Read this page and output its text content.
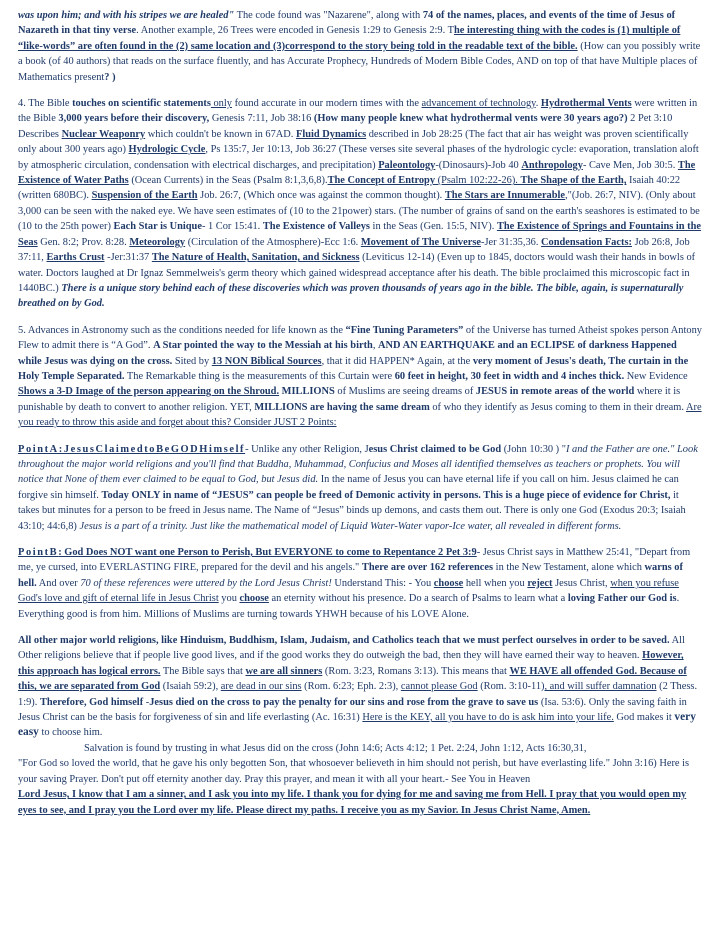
was upon him; and with his stripes we are healed" The code found was "Nazarene", along with 74 of the names, places, and events of the time of Jesus of Nazareth in that tiny verse. Another example, 26 Trees were encoded in Genesis 1:29 to Genesis 2:9. The interesting thing with the codes is (1) multiple of “like-words” are often found in the (2) same location and (3)correspond to the story being told in the readable text of the bible. (How can you possibly write a book (of 40 authors) that reads on the surface fluently, and has Accurate Prophecy, Hundreds of Modern Bible Codes, AND on top of that have Multiple places of Mathematics present? )

4. The Bible touches on scientific statements only found accurate in our modern times with the advancement of technology. Hydrothermal Vents were written in the Bible 3,000 years before their discovery, Genesis 7:11, Job 38:16 (How many people knew what hydrothermal vents were 30 years ago?) 2 Pet 3:10 Describes Nuclear Weaponry which couldn't be known in 67AD. Fluid Dynamics described in Job 28:25 (The fact that air has weight was proven scientifically only about 300 years ago) Hydrologic Cycle, Ps 135:7, Jer 10:13, Job 36:27 (These verses site several phases of the hydrologic cycle: evaporation, translation aloft by atmospheric circulation, condensation with electrical discharges, and precipitation) Paleontology-(Dinosaurs)-Job 40 Anthropology- Cave Men, Job 30:5. The Existence of Water Paths (Ocean Currents) in the Seas (Psalm 8:1,3,6,8).The Concept of Entropy (Psalm 102:22-26). The Shape of the Earth, Isaiah 40:22 (written 680BC). Suspension of the Earth Job. 26:7, (Which once was against the common thought). The Stars are Innumerable,"(Job. 26:7, NIV). (Only about 3,000 can be seen with the naked eye. We have seen estimates of (10 to the 21power) stars. (The number of grains of sand on the earth's seashores is estimated to be (10 to the 25th power) Each Star is Unique- 1 Cor 15:41. The Existence of Valleys in the Seas (Gen. 15:5, NIV). The Existence of Springs and Fountains in the Seas Gen. 8:2; Prov. 8:28. Meteorology (Circulation of the Atmosphere)-Ecc 1:6. Movement of The Universe-Jer 31:35,36. Condensation Facts: Job 26:8, Job 37:11, Earths Crust -Jer:31:37 The Nature of Health, Sanitation, and Sickness (Leviticus 12-14) (Even up to 1845, doctors would wash their hands in bowls of water. Doctors laughed at Dr Ignaz Semmelweis's germ theory which gained widespread acceptance after his death. The bible proclaimed this microscopic fact in 1440BC.) There is a unique story behind each of these discoveries which was proven thousands of years ago in the bible. The bible, again, is supernaturally breathed on by God.

5. Advances in Astronomy such as the conditions needed for life known as the “Fine Tuning Parameters” of the Universe has turned Atheist spokes person Antony Flew to admit there is “A God”. A Star pointed the way to the Messiah at his birth, AND AN EARTHQUAKE and an ECLIPSE of darkness Happened while Jesus was dying on the cross. Sited by 13 NON Biblical Sources, that it did HAPPEN* Again, at the very moment of Jesus's death, The curtain in the Holy Temple Separated. The Remarkable thing is the measurements of this Curtain were 60 feet in height, 30 feet in width and 4 inches thick. New Evidence Shows a 3-D Image of the person appearing on the Shroud. MILLIONS of Muslims are seeing dreams of JESUS in remote areas of the world where it is punishable by death to convert to another religion. YET, MILLIONS are having the same dream of who they identify as Jesus coming to them in their dream. Are you ready to throw this aside and forget about this? Consider JUST 2 Points:

PointA:JesusClaimedtoBeGODHimself- Unlike any other Religion, Jesus Christ claimed to be God (John 10:30 ) "I and the Father are one." Look throughout the major world religions and you'll find that Buddha, Muhammad, Confucius and Moses all identified themselves as teachers or prophets. You will notice that None of them ever claimed to be equal to God, but Jesus did. In the name of Jesus you can have eternal life if you call on him. Jesus claimed he can forgive sin himself. Today ONLY in name of “JESUS” can people be freed of Demonic activity in persons. This is a huge piece of evidence for Christ, it takes but minutes for a person to be freed in Jesus name. The Name of “Jesus” binds up demons, and casts them out. There is only one God (Exodus 20:3; Isaiah 43:10; 44:6,8) Jesus is a part of a trinity. Just like the mathematical model of Liquid Water-Water vapor-Ice water, all revealed in different forms.

PointB: God Does NOT want one Person to Perish, But EVERYONE to come to Repentance 2 Pet 3:9- Jesus Christ says in Matthew 25:41, "Depart from me, ye cursed, into EVERLASTING FIRE, prepared for the devil and his angels." There are over 162 references in the New Testament, alone which warns of hell. And over 70 of these references were uttered by the Lord Jesus Christ! Understand This: - You choose hell when you reject Jesus Christ, when you refuse God's love and gift of eternal life in Jesus Christ you choose an eternity without his presence. Do a search of Psalms to learn what a loving Father our God is. Everything good is from him. Millions of Muslims are turning towards YHWH because of his LOVE Alone.

All other major world religions, like Hinduism, Buddhism, Islam, Judaism, and Catholics teach that we must perfect ourselves in order to be saved. All Other religions believe that if people live good lives, and if the good works they do outweigh the bad, then they will have earned their way to heaven. However, this approach has logical errors. The Bible says that we are all sinners (Rom. 3:23, Romans 3:13). This means that WE HAVE all offended God. Because of this, we are separated from God (Isaiah 59:2), are dead in our sins (Rom. 6:23; Eph. 2:3), cannot please God (Rom. 3:10-11), and will suffer damnation (2 Thess. 1:9). Therefore, God himself -Jesus died on the cross to pay the penalty for our sins and rose from the grave to save us (Isa. 53:6). Only the saving faith in Jesus Christ can be the basis for forgiveness of sin and life everlasting (Ac. 16:31) Here is the KEY, all you have to do is ask him into your life. God makes it very easy to choose him.

Salvation is found by trusting in what Jesus did on the cross (John 14:6; Acts 4:12; 1 Pet. 2:24, John 1:12, Acts 16:30,31,

"For God so loved the world, that he gave his only begotten Son, that whosoever believeth in him should not perish, but have everlasting life." John 3:16) Here is your saving Prayer. Don't put off eternity another day. Pray this prayer, and mean it with all your heart.- See You in Heaven

Lord Jesus, I know that I am a sinner, and I ask you into my life. I thank you for dying for me and saving me from Hell. I pray that you would open my eyes to see, and I pray you the Lord over my life. Please direct my paths. I receive you as my Savior. In Jesus Christ Name, Amen.
